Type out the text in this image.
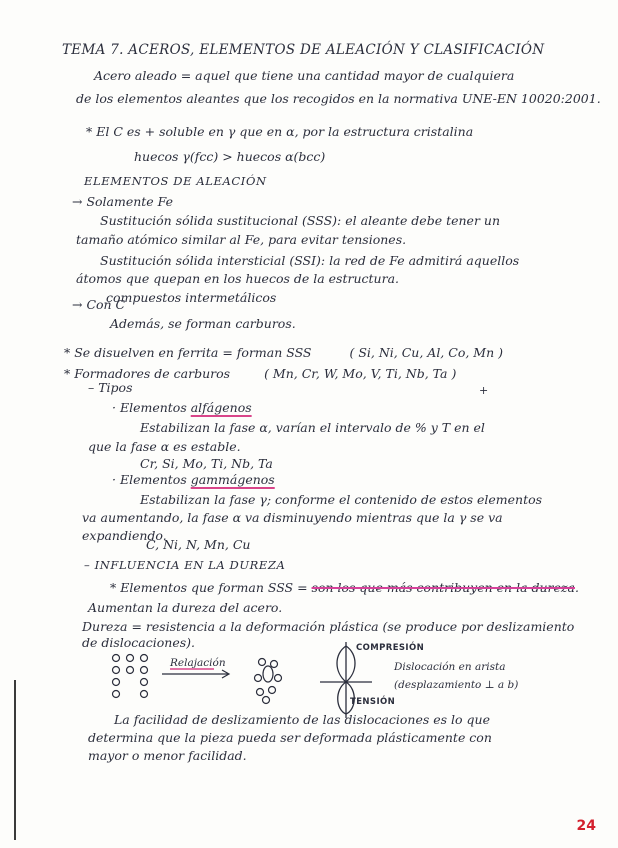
TEMA 7. ACEROS, ELEMENTOS DE ALEACIÓN Y CLASIFICACIÓN
Acero aleado = aquel que tiene una cantidad mayor de cualquiera
de los elementos aleantes que los recogidos en la normativa UNE-EN 10020:2001.
* El C es + soluble en γ que en α, por la estructura cristalina
huecos γ(fcc) > huecos α(bcc)
ELEMENTOS DE ALEACIÓN
→ Solamente Fe
Sustitución sólida sustitucional (SSS): el aleante debe tener un
tamaño atómico similar al Fe, para evitar tensiones.
Sustitución sólida intersticial (SSI): la red de Fe admitirá aquellos
átomos que quepan en los huecos de la estructura.
compuestos intermetálicos
→ Con C
Además, se forman carburos.
* Se disuelven en ferrita = forman SSS	( Si, Ni, Cu, Al, Co, Mn )
* Formadores de carburos	( Mn, Cr, W, Mo, V, Ti, Nb, Ta )
+
– Tipos
· Elementos alfágenos
Estabilizan la fase α, varían el intervalo de % y T en el
que la fase α es estable.
Cr, Si, Mo, Ti, Nb, Ta
· Elementos gammágenos
Estabilizan la fase γ; conforme el contenido de estos elementos
va aumentando, la fase α va disminuyendo mientras que la γ se va
expandiendo.
C, Ni, N, Mn, Cu
– INFLUENCIA EN LA DUREZA
* Elementos que forman SSS = son los que más contribuyen en la dureza.
Aumentan la dureza del acero.
Dureza = resistencia a la deformación plástica (se produce por deslizamiento
de dislocaciones).
Relajación
COMPRESIÓN
TENSIÓN
Dislocación en arista
(desplazamiento ⊥ a b)
La facilidad de deslizamiento de las dislocaciones es lo que
determina que la pieza pueda ser deformada plásticamente con
mayor o menor facilidad.
24
